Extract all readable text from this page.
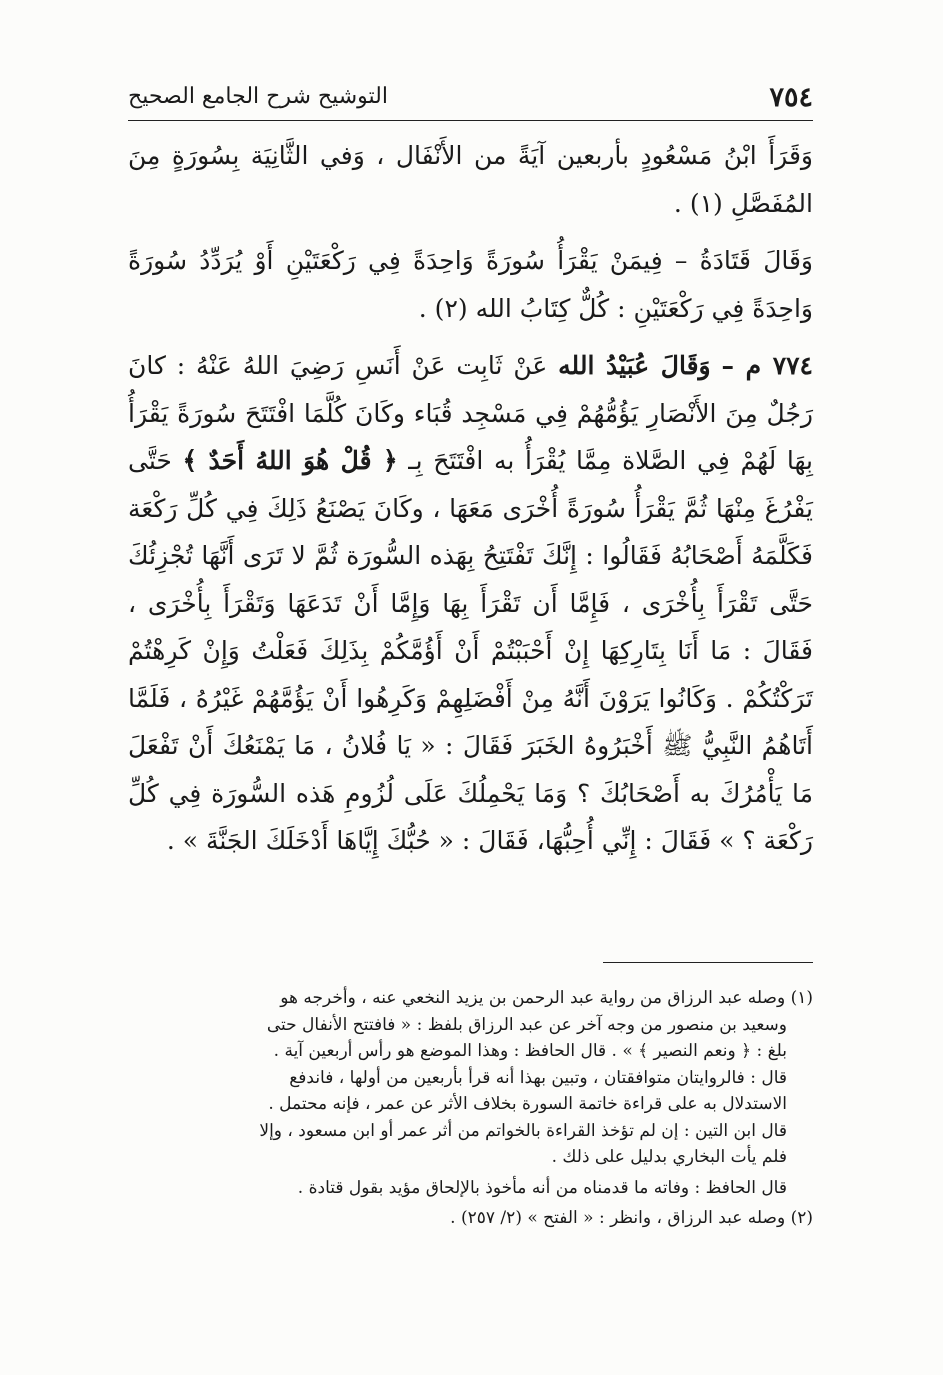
٧٥٤
التوشيح شرح الجامع الصحيح

وَقَرَأَ ابْنُ مَسْعُودٍ بأربعين آيَةً من الأَنْفَال ، وَفي الثَّانِيَة بِسُورَةٍ مِنَ المُفَصَّلِ (١) .

وَقَالَ قَتَادَةُ – فِيمَنْ يَقْرَأُ سُورَةً وَاحِدَةً فِي رَكْعَتَيْنِ أَوْ يُرَدِّدُ سُورَةً وَاحِدَةً فِي رَكْعَتَيْنِ : كُلٌّ كِتَابُ الله (٢) .

٧٧٤ م – وَقَالَ عُبَيْدُ الله عَنْ ثَابِت عَنْ أَنَسِ رَضِيَ اللهُ عَنْهُ : كانَ رَجُلٌ مِنَ الأَنْصَارِ يَؤُمُّهُمْ فِي مَسْجِد قُبَاء وكَانَ كُلَّمَا افْتَتَحَ سُورَةً يَقْرَأُ بِهَا لَهُمْ فِي الصَّلاة مِمَّا يُقْرَأُ به افْتَتَحَ بِـ ﴿ قُلْ هُوَ اللهُ أَحَدٌ ﴾ حَتَّى يَفْرُغَ مِنْهَا ثُمَّ يَقْرَأُ سُورَةً أُخْرَى مَعَهَا ، وكَانَ يَصْنَعُ ذَلِكَ فِي كُلِّ رَكْعَة فَكَلَّمَهُ أَصْحَابُهُ فَقَالُوا : إِنَّكَ تَفْتَتِحُ بِهَذه السُّورَة ثُمَّ لا تَرَى أَنَّهَا تُجْزِئُكَ حَتَّى تَقْرَأَ بِأُخْرَى ، فَإِمَّا أَن تَقْرَأَ بِهَا وَإِمَّا أَنْ تَدَعَهَا وَتَقْرَأَ بِأُخْرَى ، فَقَالَ : مَا أَنَا بِتَارِكِهَا إِنْ أَحْبَبْتُمْ أَنْ أَؤُمَّكُمْ بِذَلِكَ فَعَلْتُ وَإِنْ كَرِهْتُمْ تَرَكْتُكُمْ . وَكَانُوا يَرَوْنَ أَنَّهُ مِنْ أَفْضَلِهِمْ وَكَرِهُوا أَنْ يَؤُمَّهُمْ غَيْرُهُ ، فَلَمَّا أَتَاهُمُ النَّبِيُّ ﷺ أَخْبَرُوهُ الخَبَرَ فَقَالَ : « يَا فُلانُ ، مَا يَمْنَعُكَ أَنْ تَفْعَلَ مَا يَأْمُرُكَ به أَصْحَابُكَ ؟ وَمَا يَحْمِلُكَ عَلَى لُزُومِ هَذه السُّورَة فِي كُلِّ رَكْعَة ؟ » فَقَالَ : إِنِّي أُحِبُّهَا، فَقَالَ : « حُبُّكَ إِيَّاهَا أَدْخَلَكَ الجَنَّةَ » .

(١) وصله عبد الرزاق من رواية عبد الرحمن بن يزيد النخعي عنه ، وأخرجه هو

وسعيد بن منصور من وجه آخر عن عبد الرزاق بلفظ : « فافتتح الأنفال حتى

بلغ : ﴿ ونعم النصير ﴾ » . قال الحافظ : وهذا الموضع هو رأس أربعين آية .

قال : فالروايتان متوافقتان ، وتبين بهذا أنه قرأ بأربعين من أولها ، فاندفع

الاستدلال به على قراءة خاتمة السورة بخلاف الأثر عن عمر ، فإنه محتمل .

قال ابن التين : إن لم تؤخذ القراءة بالخواتم من أثر عمر أو ابن مسعود ، وإلا

فلم يأت البخاري بدليل على ذلك .

قال الحافظ : وفاته ما قدمناه من أنه مأخوذ بالإلحاق مؤيد بقول قتادة .

(٢) وصله عبد الرزاق ، وانظر : « الفتح » (٢/ ٢٥٧) .
